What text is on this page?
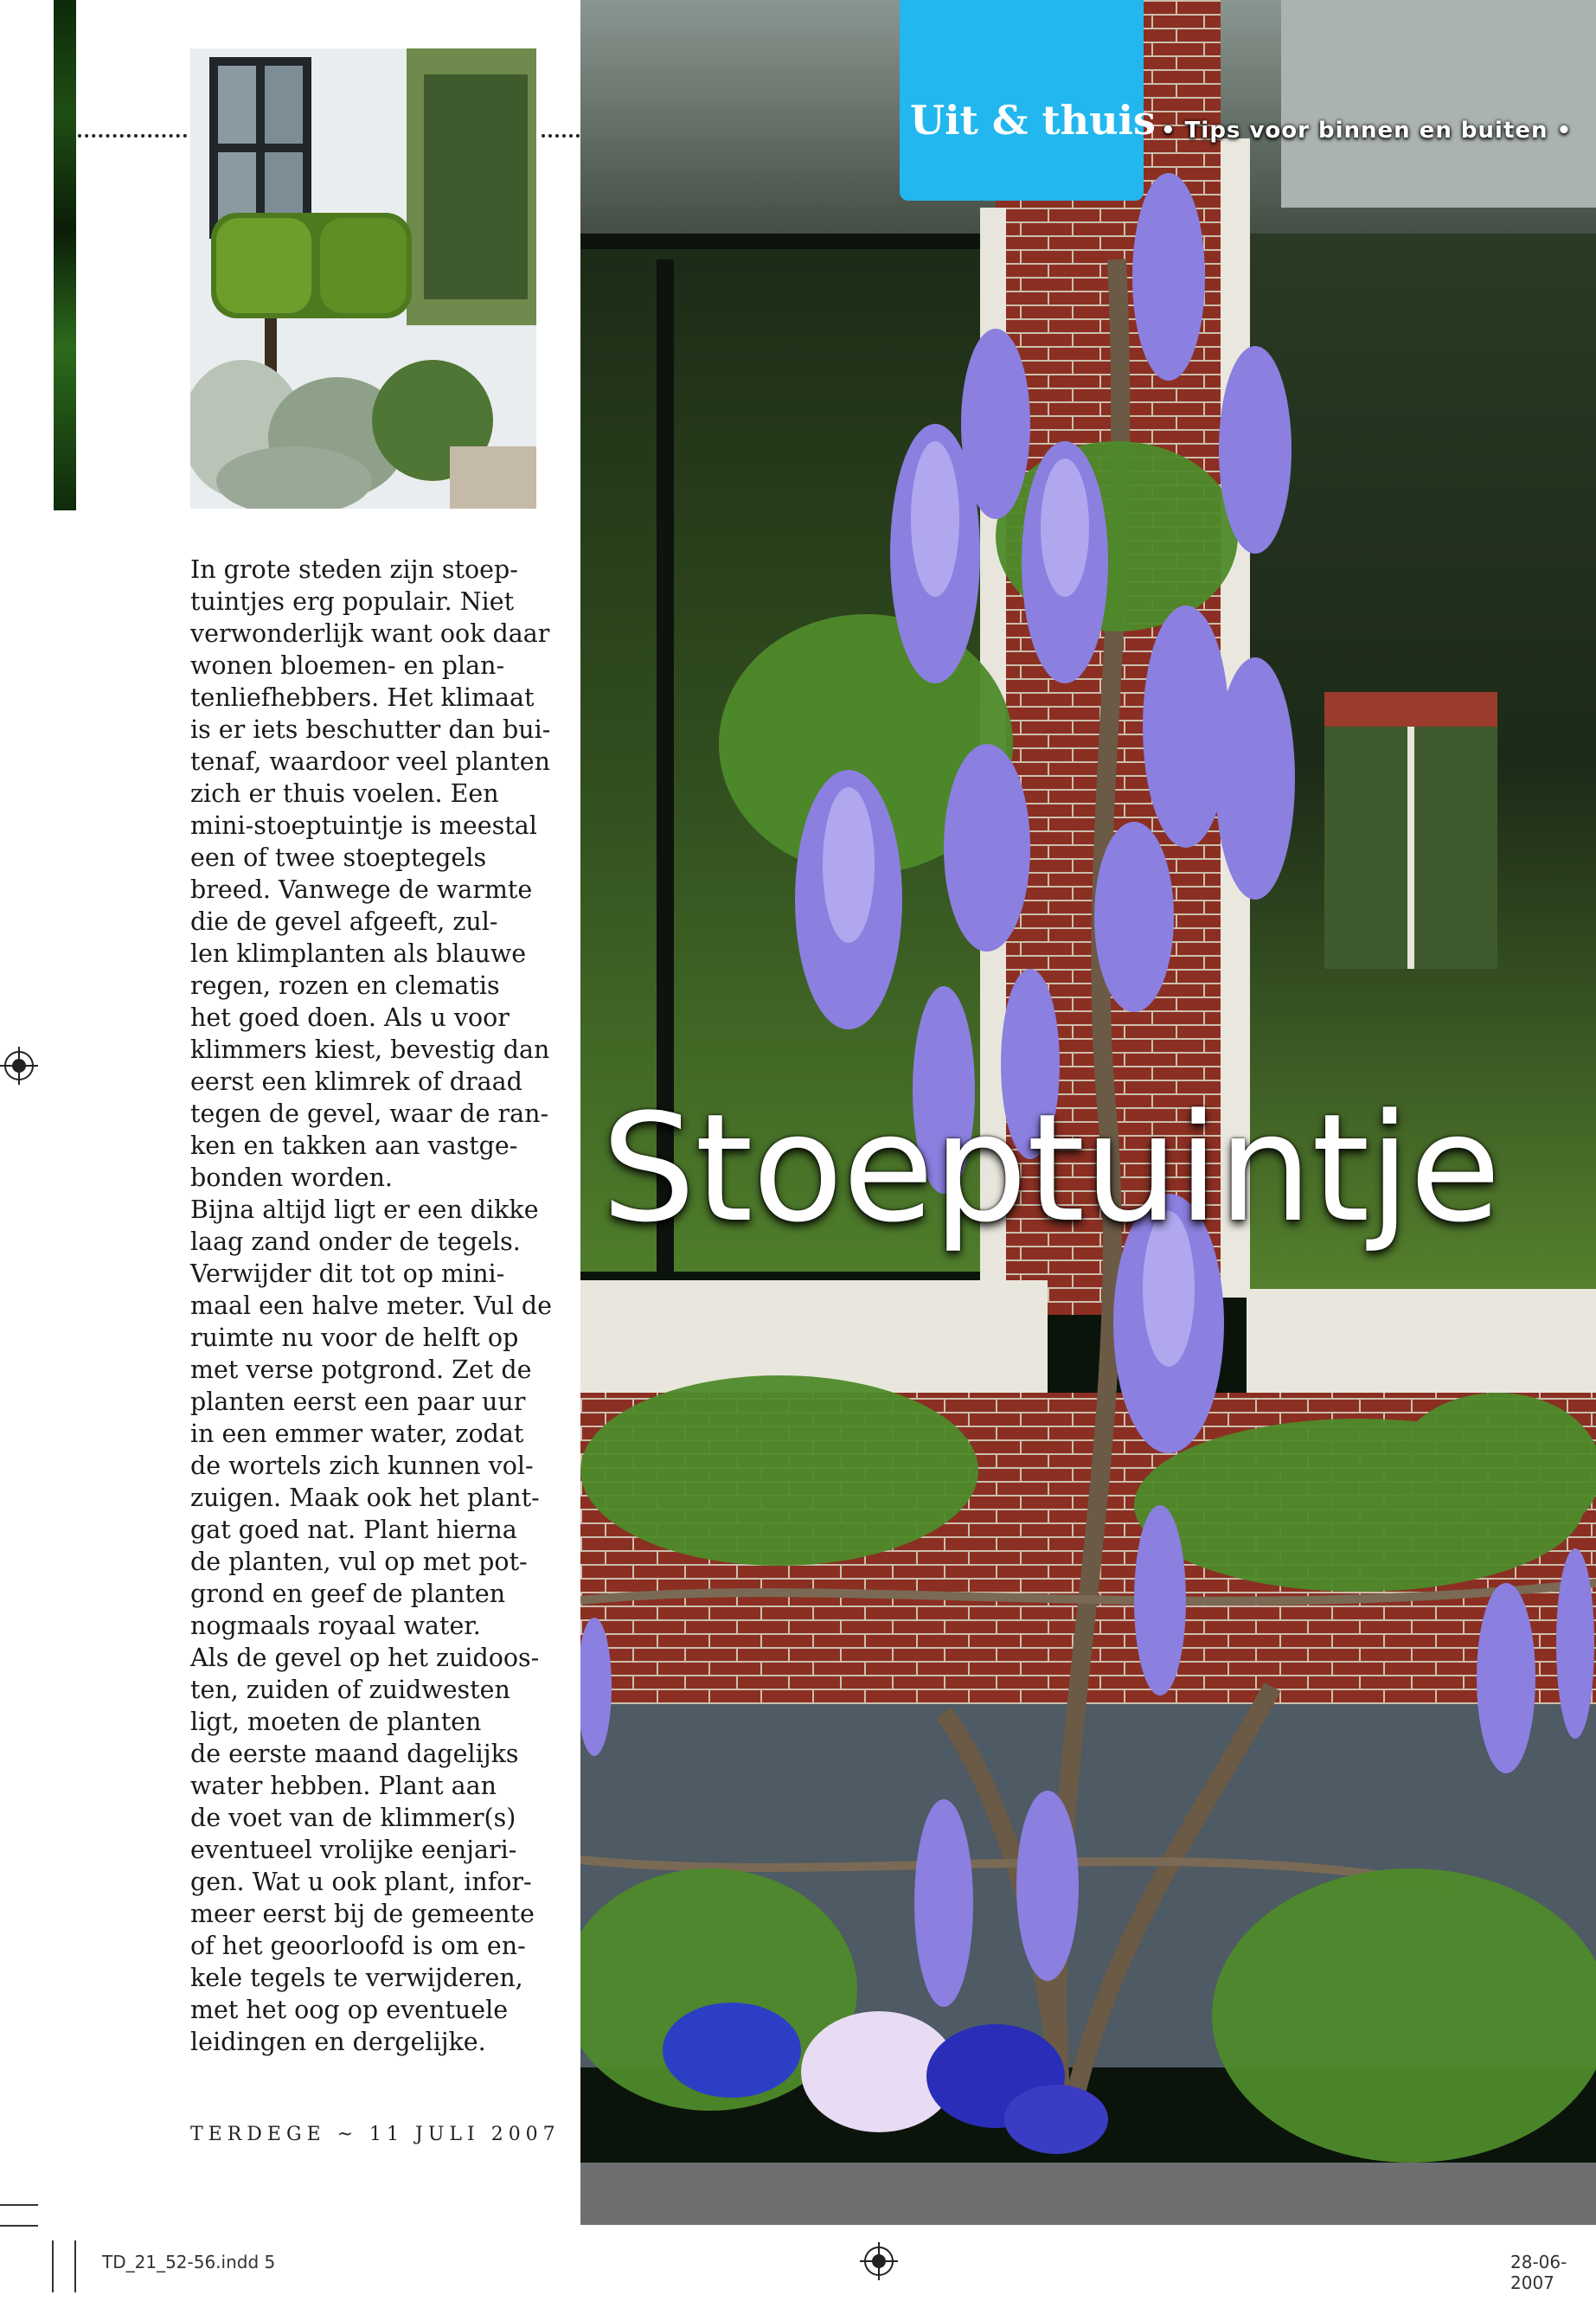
In grote steden zijn stoep-
tuintjes erg populair. Niet
verwonderlijk want ook daar
wonen bloemen- en plan-
tenliefhebbers. Het klimaat
is er iets beschutter dan bui-
tenaf, waardoor veel planten
zich er thuis voelen. Een
mini-stoeptuintje is meestal
een of twee stoeptegels
breed. Vanwege de warmte
die de gevel afgeeft, zul-
len klimplanten als blauwe
regen, rozen en clematis
het goed doen. Als u voor
klimmers kiest, bevestig dan
eerst een klimrek of draad
tegen de gevel, waar de ran-
ken en takken aan vastge-
bonden worden.
Bijna altijd ligt er een dikke
laag zand onder de tegels.
Verwijder dit tot op mini-
maal een halve meter. Vul de
ruimte nu voor de helft op
met verse potgrond. Zet de
planten eerst een paar uur
in een emmer water, zodat
de wortels zich kunnen vol-
zuigen. Maak ook het plant-
gat goed nat. Plant hierna
de planten, vul op met pot-
grond en geef de planten
nogmaals royaal water.
Als de gevel op het zuidoos-
ten, zuiden of zuidwesten
ligt, moeten de planten
de eerste maand dagelijks
water hebben. Plant aan
de voet van de klimmer(s)
eventueel vrolijke eenjari-
gen. Wat u ook plant, infor-
meer eerst bij de gemeente
of het geoorloofd is om en-
kele tegels te verwijderen,
met het oog op eventuele
leidingen en dergelijke.

TERDEGE ~ 11 JULI 2007
Uit & thuis • Tips voor binnen en buiten •
Stoeptuintje
TD_21_52-56.indd 5	28-06-2007
